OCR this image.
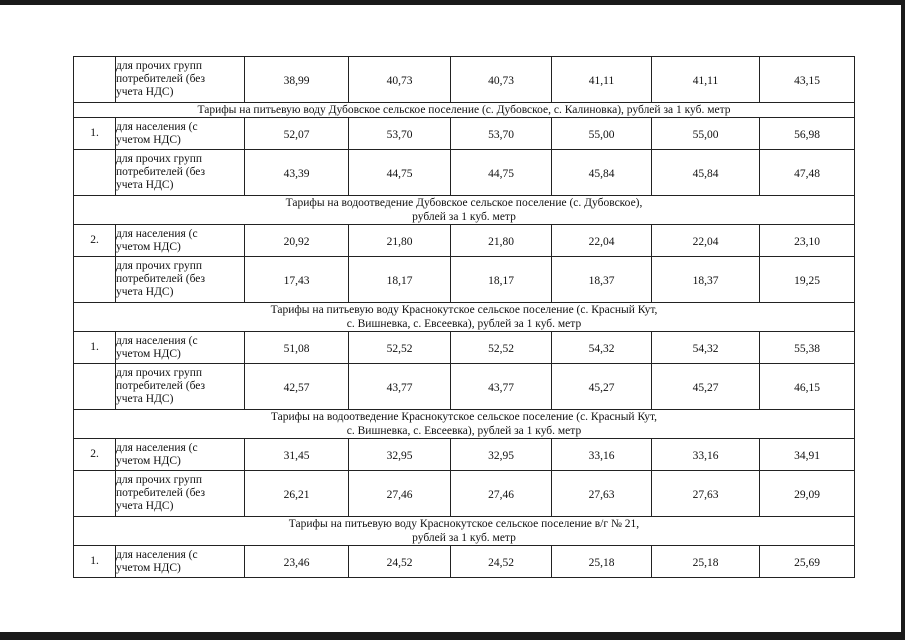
	для прочих групп
потребителей (без
учета НДС)	38,99	40,73	40,73	41,11	41,11	43,15

Тарифы на питьевую воду Дубовское сельское поселение (с. Дубовское, с. Калиновка), рублей за 1 куб. метр							

1.	для населения (с
учетом НДС)	52,07	53,70	53,70	55,00	55,00	56,98

	для прочих групп
потребителей (без
учета НДС)	43,39	44,75	44,75	45,84	45,84	47,48

Тарифы на водоотведение Дубовское сельское поселение (с. Дубовское),
рублей за 1 куб. метр							

2.	для населения (с
учетом НДС)	20,92	21,80	21,80	22,04	22,04	23,10

	для прочих групп
потребителей (без
учета НДС)	17,43	18,17	18,17	18,37	18,37	19,25

Тарифы на питьевую воду Краснокутское сельское поселение (с. Красный Кут,
с. Вишневка, с. Евсеевка), рублей за 1 куб. метр							

1.	для населения (с
учетом НДС)	51,08	52,52	52,52	54,32	54,32	55,38

	для прочих групп
потребителей (без
учета НДС)	42,57	43,77	43,77	45,27	45,27	46,15

Тарифы на водоотведение Краснокутское сельское поселение (с. Красный Кут,
с. Вишневка, с. Евсеевка), рублей за 1 куб. метр							

2.	для населения (с
учетом НДС)	31,45	32,95	32,95	33,16	33,16	34,91

	для прочих групп
потребителей (без
учета НДС)	26,21	27,46	27,46	27,63	27,63	29,09

Тарифы на питьевую воду Краснокутское сельское поселение в/г № 21,
рублей за 1 куб. метр							

1.	для населения (с
учетом НДС)	23,46	24,52	24,52	25,18	25,18	25,69
